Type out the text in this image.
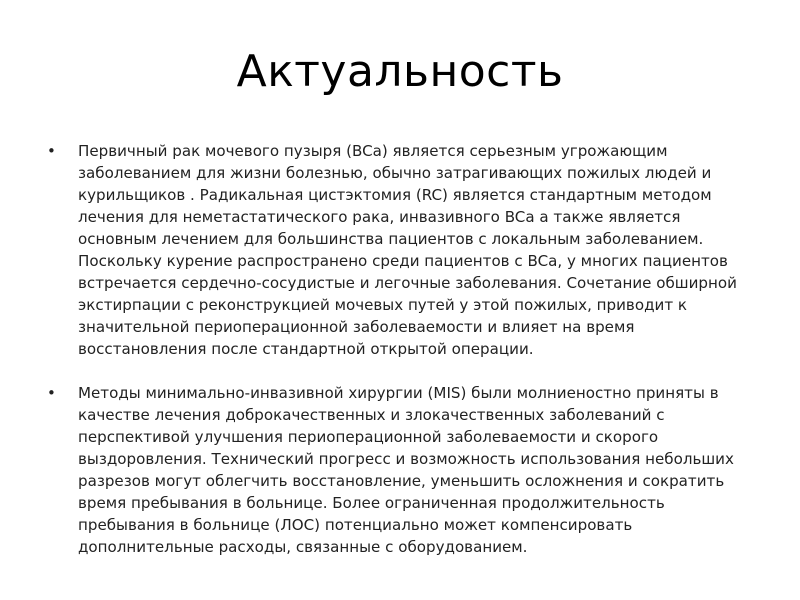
Актуальность
• Первичный рак мочевого пузыря (BCa) является серьезным угрожающим заболеванием для жизни болезнью, обычно затрагивающих пожилых людей и курильщиков . Радикальная цистэктомия (RC) является стандартным методом лечения для неметастатического рака, инвазивного BCa а также является основным лечением для большинства пациентов с локальным заболеванием. Поскольку курение распространено среди пациентов с BCa, у многих пациентов встречается сердечно-сосудистые и легочные заболевания. Сочетание обширной экстирпации с реконструкцией мочевых путей у этой пожилых, приводит к значительной периоперационной заболеваемости и влияет на время восстановления после стандартной открытой операции.
• Методы минимально-инвазивной хирургии (MIS) были молниеностно приняты в качестве лечения доброкачественных и злокачественных заболеваний с перспективой улучшения периоперационной заболеваемости и скорого выздоровления. Технический прогресс и возможность использования небольших разрезов могут облегчить восстановление, уменьшить осложнения и сократить время пребывания в больнице. Более ограниченная продолжительность пребывания в больнице (ЛОС) потенциально может компенсировать дополнительные расходы, связанные с оборудованием.
